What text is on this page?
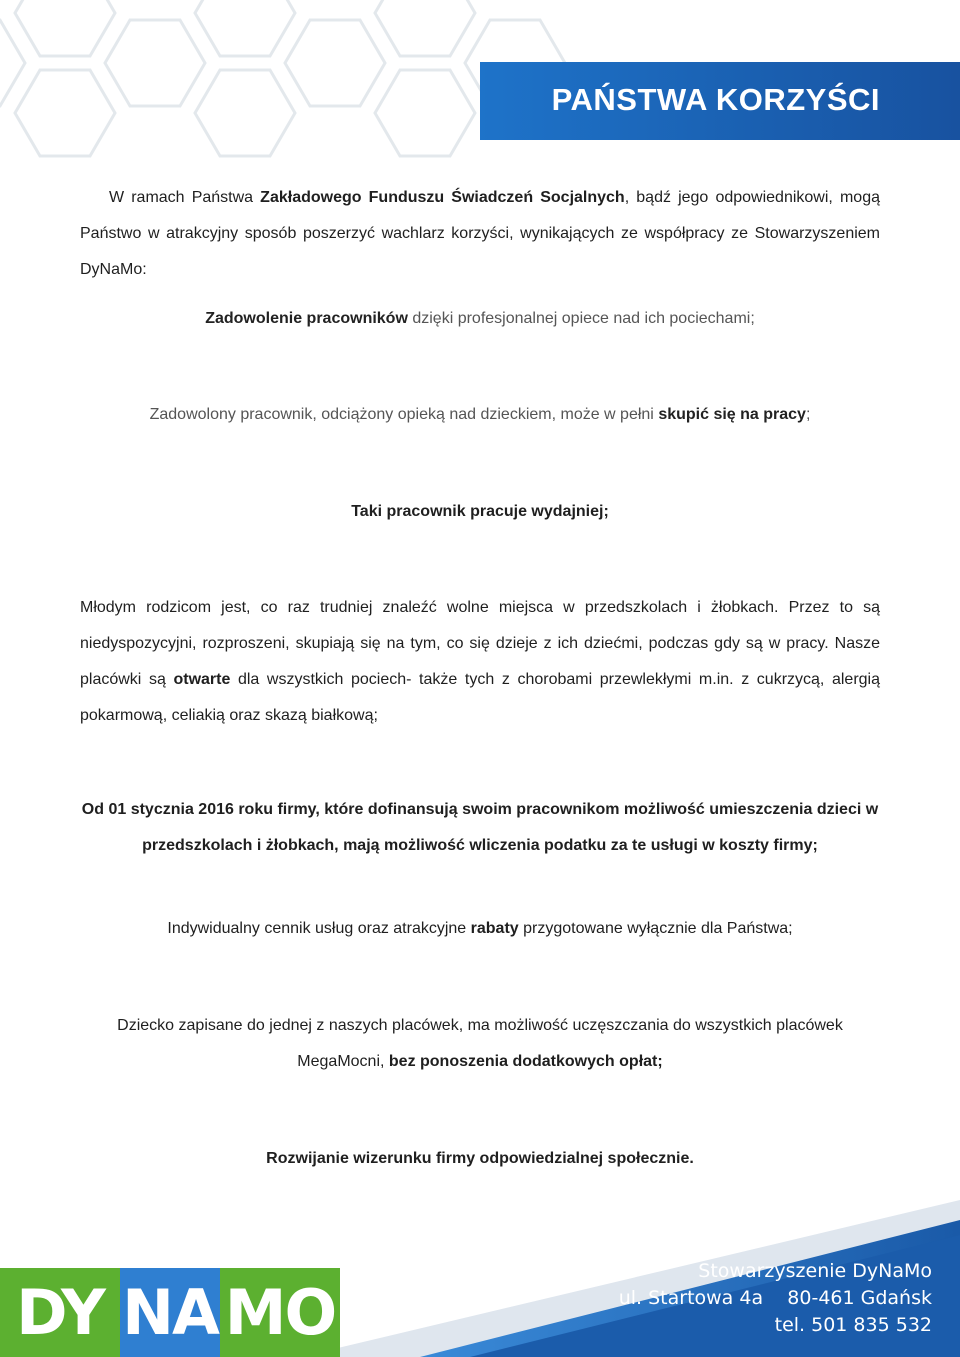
PAŃSTWA KORZYŚCI

W ramach Państwa Zakładowego Funduszu Świadczeń Socjalnych, bądź jego odpowiednikowi, mogą Państwo w atrakcyjny sposób poszerzyć wachlarz korzyści, wynikających ze współpracy ze Stowarzyszeniem DyNaMo:

Zadowolenie pracowników dzięki profesjonalnej opiece nad ich pociechami;

Zadowolony pracownik, odciążony opieką nad dzieckiem, może w pełni skupić się na pracy;

Taki pracownik pracuje wydajniej;

Młodym rodzicom jest, co raz trudniej znaleźć wolne miejsca w przedszkolach i żłobkach. Przez to są niedyspozycyjni, rozproszeni, skupiają się na tym, co się dzieje z ich dziećmi, podczas gdy są w pracy. Nasze placówki są otwarte dla wszystkich pociech- także tych z chorobami przewlekłymi m.in. z cukrzycą, alergią pokarmową, celiakią oraz skazą białkową;

Od 01 stycznia 2016 roku firmy, które dofinansują swoim pracownikom możliwość umieszczenia dzieci w przedszkolach i żłobkach, mają możliwość wliczenia podatku za te usługi w koszty firmy;

Indywidualny cennik usług oraz atrakcyjne rabaty przygotowane wyłącznie dla Państwa;

Dziecko zapisane do jednej z naszych placówek, ma możliwość uczęszczania do wszystkich placówek MegaMocni, bez ponoszenia dodatkowych opłat;

Rozwijanie wizerunku firmy odpowiedzialnej społecznie.

Stowarzyszenie DyNaMo
ul. Startowa 4a 80-461 Gdańsk
tel. 501 835 532
DY NA MO
